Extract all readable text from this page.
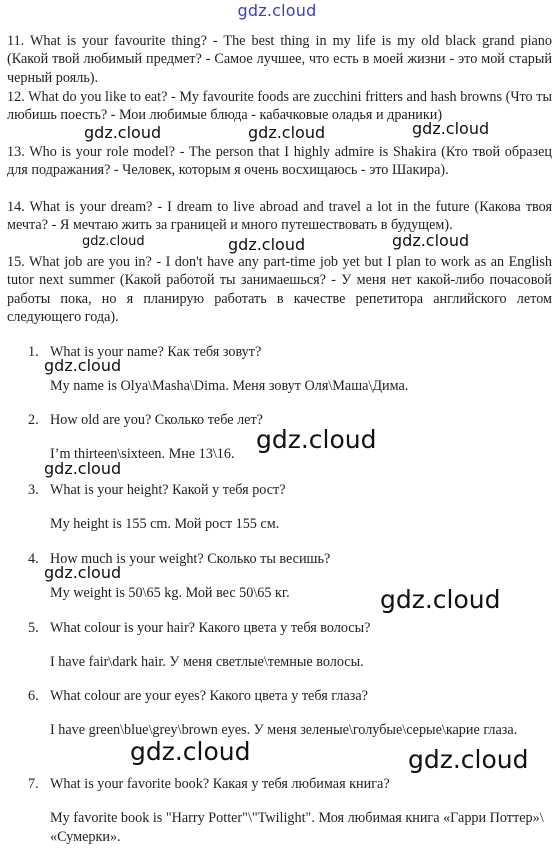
gdz.cloud

11. What is your favourite thing? - The best thing in my life is my old black grand piano (Какой твой любимый предмет? - Самое лучшее, что есть в моей жизни - это мой старый черный рояль).

12. What do you like to eat? - My favourite foods are zucchini fritters and hash browns (Что ты любишь поесть? - Мои любимые блюда - кабачковые оладья и драники)

13. Who is your role model? - The person that I highly admire is Shakira (Кто твой образец для подражания? - Человек, которым я очень восхищаюсь - это Шакира).

14. What is your dream? - I dream to live abroad and travel a lot in the future (Какова твоя мечта? - Я мечтаю жить за границей и много путешествовать в будущем).

15. What job are you in? - I don't have any part-time job yet but I plan to work as an English tutor next summer (Какой работой ты занимаешься? - У меня нет какой-либо почасовой работы пока, но я планирую работать в качестве репетитора английского летом следующего года).

1. What is your name? Как тебя зовут?
My name is Olya\Masha\Dima. Меня зовут Оля\Маша\Дима.
2. How old are you? Сколько тебе лет?
I’m thirteen\sixteen. Мне 13\16.
3. What is your height? Какой у тебя рост?
My height is 155 cm. Мой рост 155 см.
4. How much is your weight? Сколько ты весишь?
My weight is 50\65 kg. Мой вес 50\65 кг.
5. What colour is your hair? Какого цвета у тебя волосы?
I have fair\dark hair. У меня светлые\темные волосы.
6. What colour are your eyes? Какого цвета у тебя глаза?
I have green\blue\grey\brown eyes. У меня зеленые\голубые\серые\карие глаза.
7. What is your favorite book? Какая у тебя любимая книга?
My favorite book is "Harry Potter"\"Twilight". Моя любимая книга «Гарри Поттер»\ «Сумерки».
gdz.cloud	gdz.cloud	gdz.cloud
gdz.cloud	gdz.cloud	gdz.cloud
gdz.cloud
gdz.cloud
gdz.cloud
gdz.cloud
gdz.cloud
gdz.cloud	gdz.cloud
